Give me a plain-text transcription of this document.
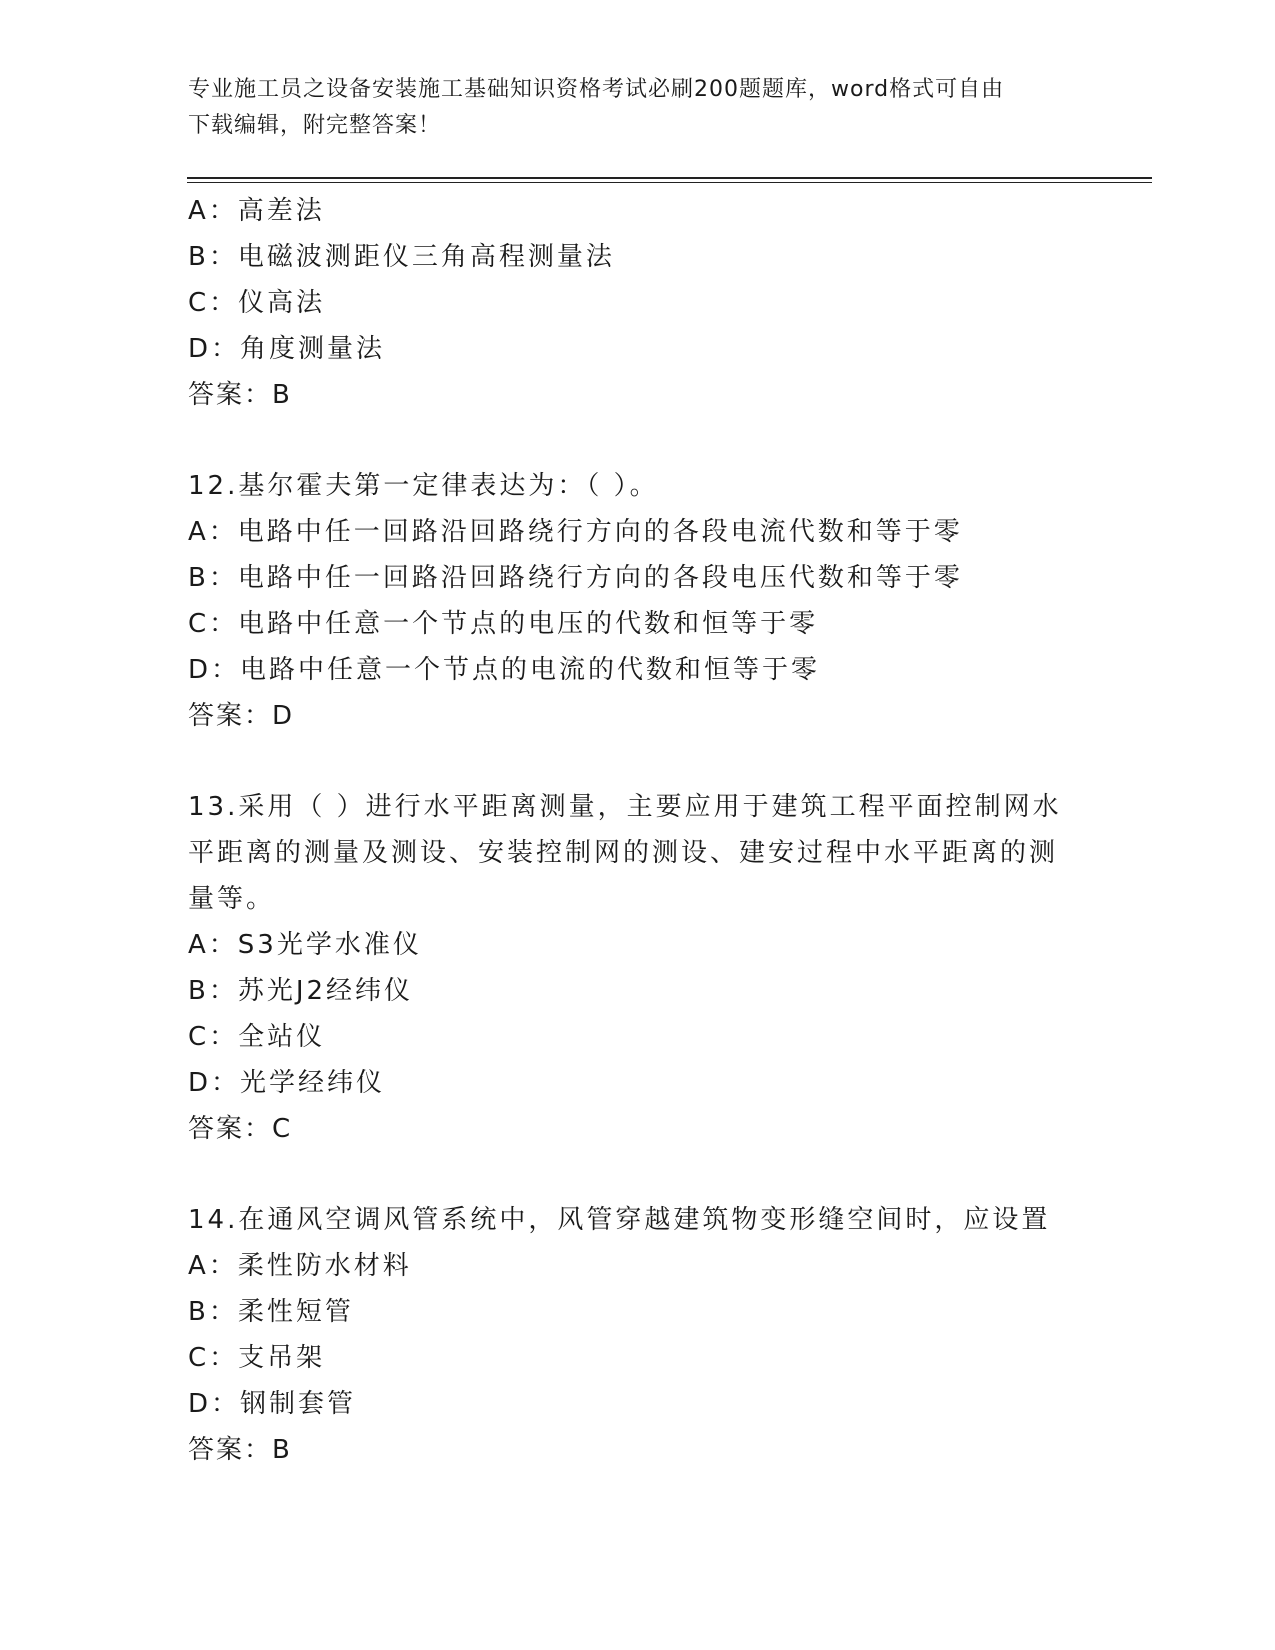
专业施工员之设备安装施工基础知识资格考试必刷200题题库，word格式可自由
下载编辑，附完整答案！
A：高差法
B：电磁波测距仪三角高程测量法
C：仪高法
D：角度测量法
答案：B
12.基尔霍夫第一定律表达为：（ ）。
A：电路中任一回路沿回路绕行方向的各段电流代数和等于零
B：电路中任一回路沿回路绕行方向的各段电压代数和等于零
C：电路中任意一个节点的电压的代数和恒等于零
D：电路中任意一个节点的电流的代数和恒等于零
答案：D
13.采用（ ）进行水平距离测量，主要应用于建筑工程平面控制网水平距离的测量及测设、安装控制网的测设、建安过程中水平距离的测量等。
A：S3光学水准仪
B：苏光J2经纬仪
C：全站仪
D：光学经纬仪
答案：C
14.在通风空调风管系统中，风管穿越建筑物变形缝空间时，应设置
A：柔性防水材料
B：柔性短管
C：支吊架
D：钢制套管
答案：B
